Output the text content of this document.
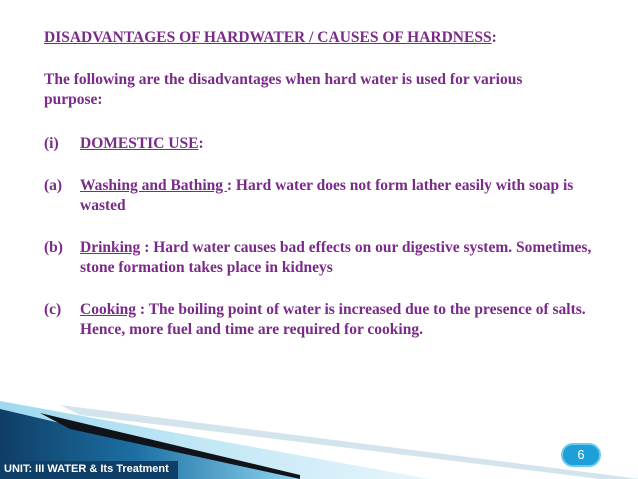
DISADVANTAGES OF HARDWATER / CAUSES OF HARDNESS:
The following are the disadvantages when hard water is used for various purpose:
(i)	DOMESTIC USE:
(a)	Washing and Bathing : Hard water does not form lather easily with soap is wasted
(b)	Drinking : Hard water causes bad effects on our digestive system. Sometimes, stone formation takes place in kidneys
(c)	Cooking : The boiling point of water is increased due to the presence of salts. Hence, more fuel and time are required for cooking.
UNIT: III WATER & Its Treatment
6
